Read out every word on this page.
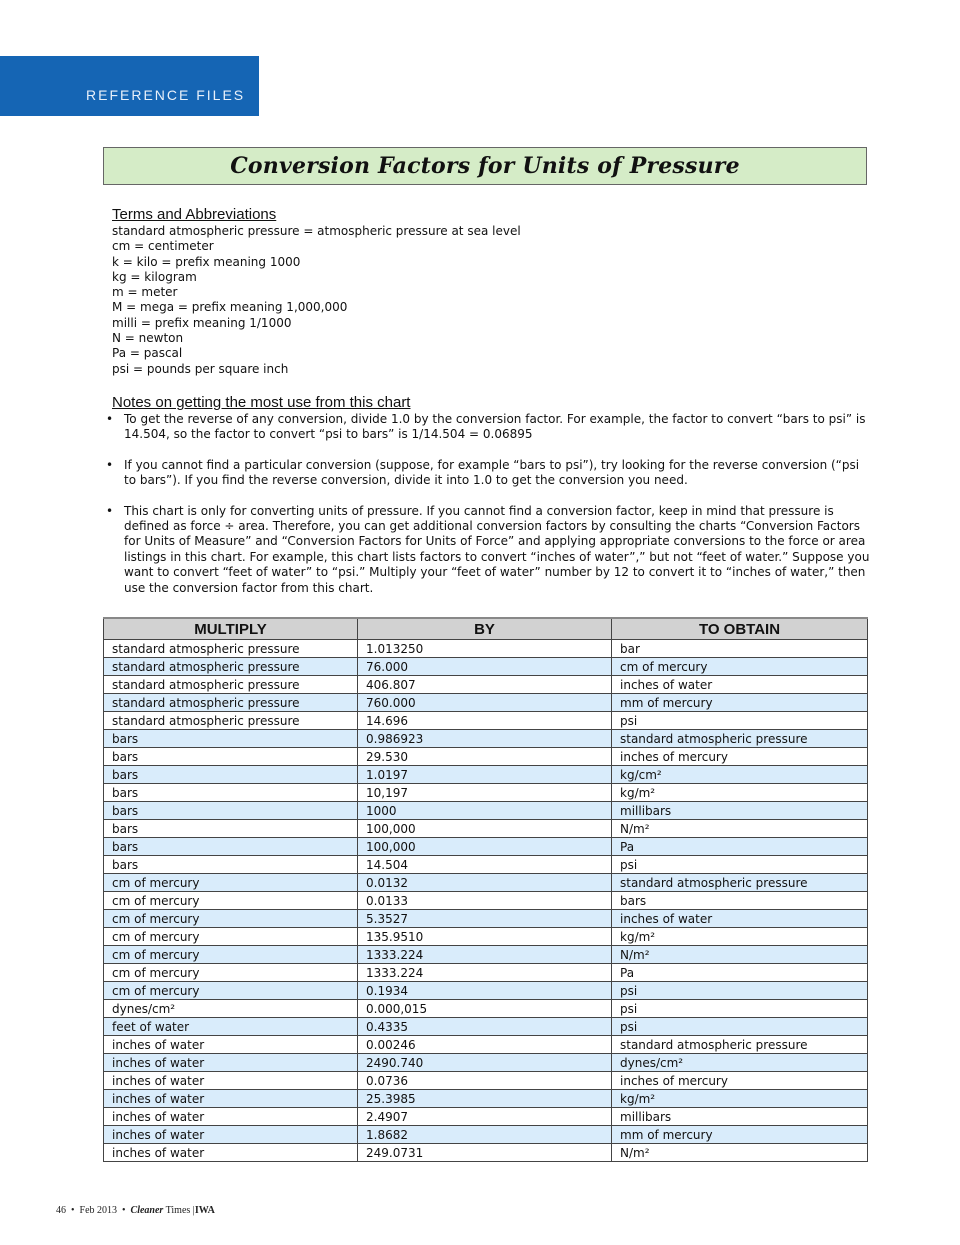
REFERENCE FILES
Conversion Factors for Units of Pressure
Terms and Abbreviations
standard atmospheric pressure = atmospheric pressure at sea level
cm = centimeter
k = kilo = prefix meaning 1000
kg = kilogram
m = meter
M = mega = prefix meaning 1,000,000
milli = prefix meaning 1/1000
N = newton
Pa = pascal
psi = pounds per square inch
Notes on getting the most use from this chart
• To get the reverse of any conversion, divide 1.0 by the conversion factor. For example, the factor to convert “bars to psi” is 14.504, so the factor to convert “psi to bars” is 1/14.504 = 0.06895
• If you cannot find a particular conversion (suppose, for example “bars to psi”), try looking for the reverse conversion (“psi to bars”). If you find the reverse conversion, divide it into 1.0 to get the conversion you need.
• This chart is only for converting units of pressure. If you cannot find a conversion factor, keep in mind that pressure is defined as force ÷ area. Therefore, you can get additional conversion factors by consulting the charts “Conversion Factors for Units of Measure” and “Conversion Factors for Units of Force” and applying appropriate conversions to the force or area listings in this chart. For example, this chart lists factors to convert “inches of water”,” but not “feet of water.” Suppose you want to convert “feet of water” to “psi.” Multiply your “feet of water” number by 12 to convert it to “inches of water,” then use the conversion factor from this chart.
MULTIPLY	BY	TO OBTAIN
standard atmospheric pressure	1.013250	bar
standard atmospheric pressure	76.000	cm of mercury
standard atmospheric pressure	406.807	inches of water
standard atmospheric pressure	760.000	mm of mercury
standard atmospheric pressure	14.696	psi
bars	0.986923	standard atmospheric pressure
bars	29.530	inches of mercury
bars	1.0197	kg/cm²
bars	10,197	kg/m²
bars	1000	millibars
bars	100,000	N/m²
bars	100,000	Pa
bars	14.504	psi
cm of mercury	0.0132	standard atmospheric pressure
cm of mercury	0.0133	bars
cm of mercury	5.3527	inches of water
cm of mercury	135.9510	kg/m²
cm of mercury	1333.224	N/m²
cm of mercury	1333.224	Pa
cm of mercury	0.1934	psi
dynes/cm²	0.000,015	psi
feet of water	0.4335	psi
inches of water	0.00246	standard atmospheric pressure
inches of water	2490.740	dynes/cm²
inches of water	0.0736	inches of mercury
inches of water	25.3985	kg/m²
inches of water	2.4907	millibars
inches of water	1.8682	mm of mercury
inches of water	249.0731	N/m²
46  •  Feb 2013  •  Cleaner Times |IWA
